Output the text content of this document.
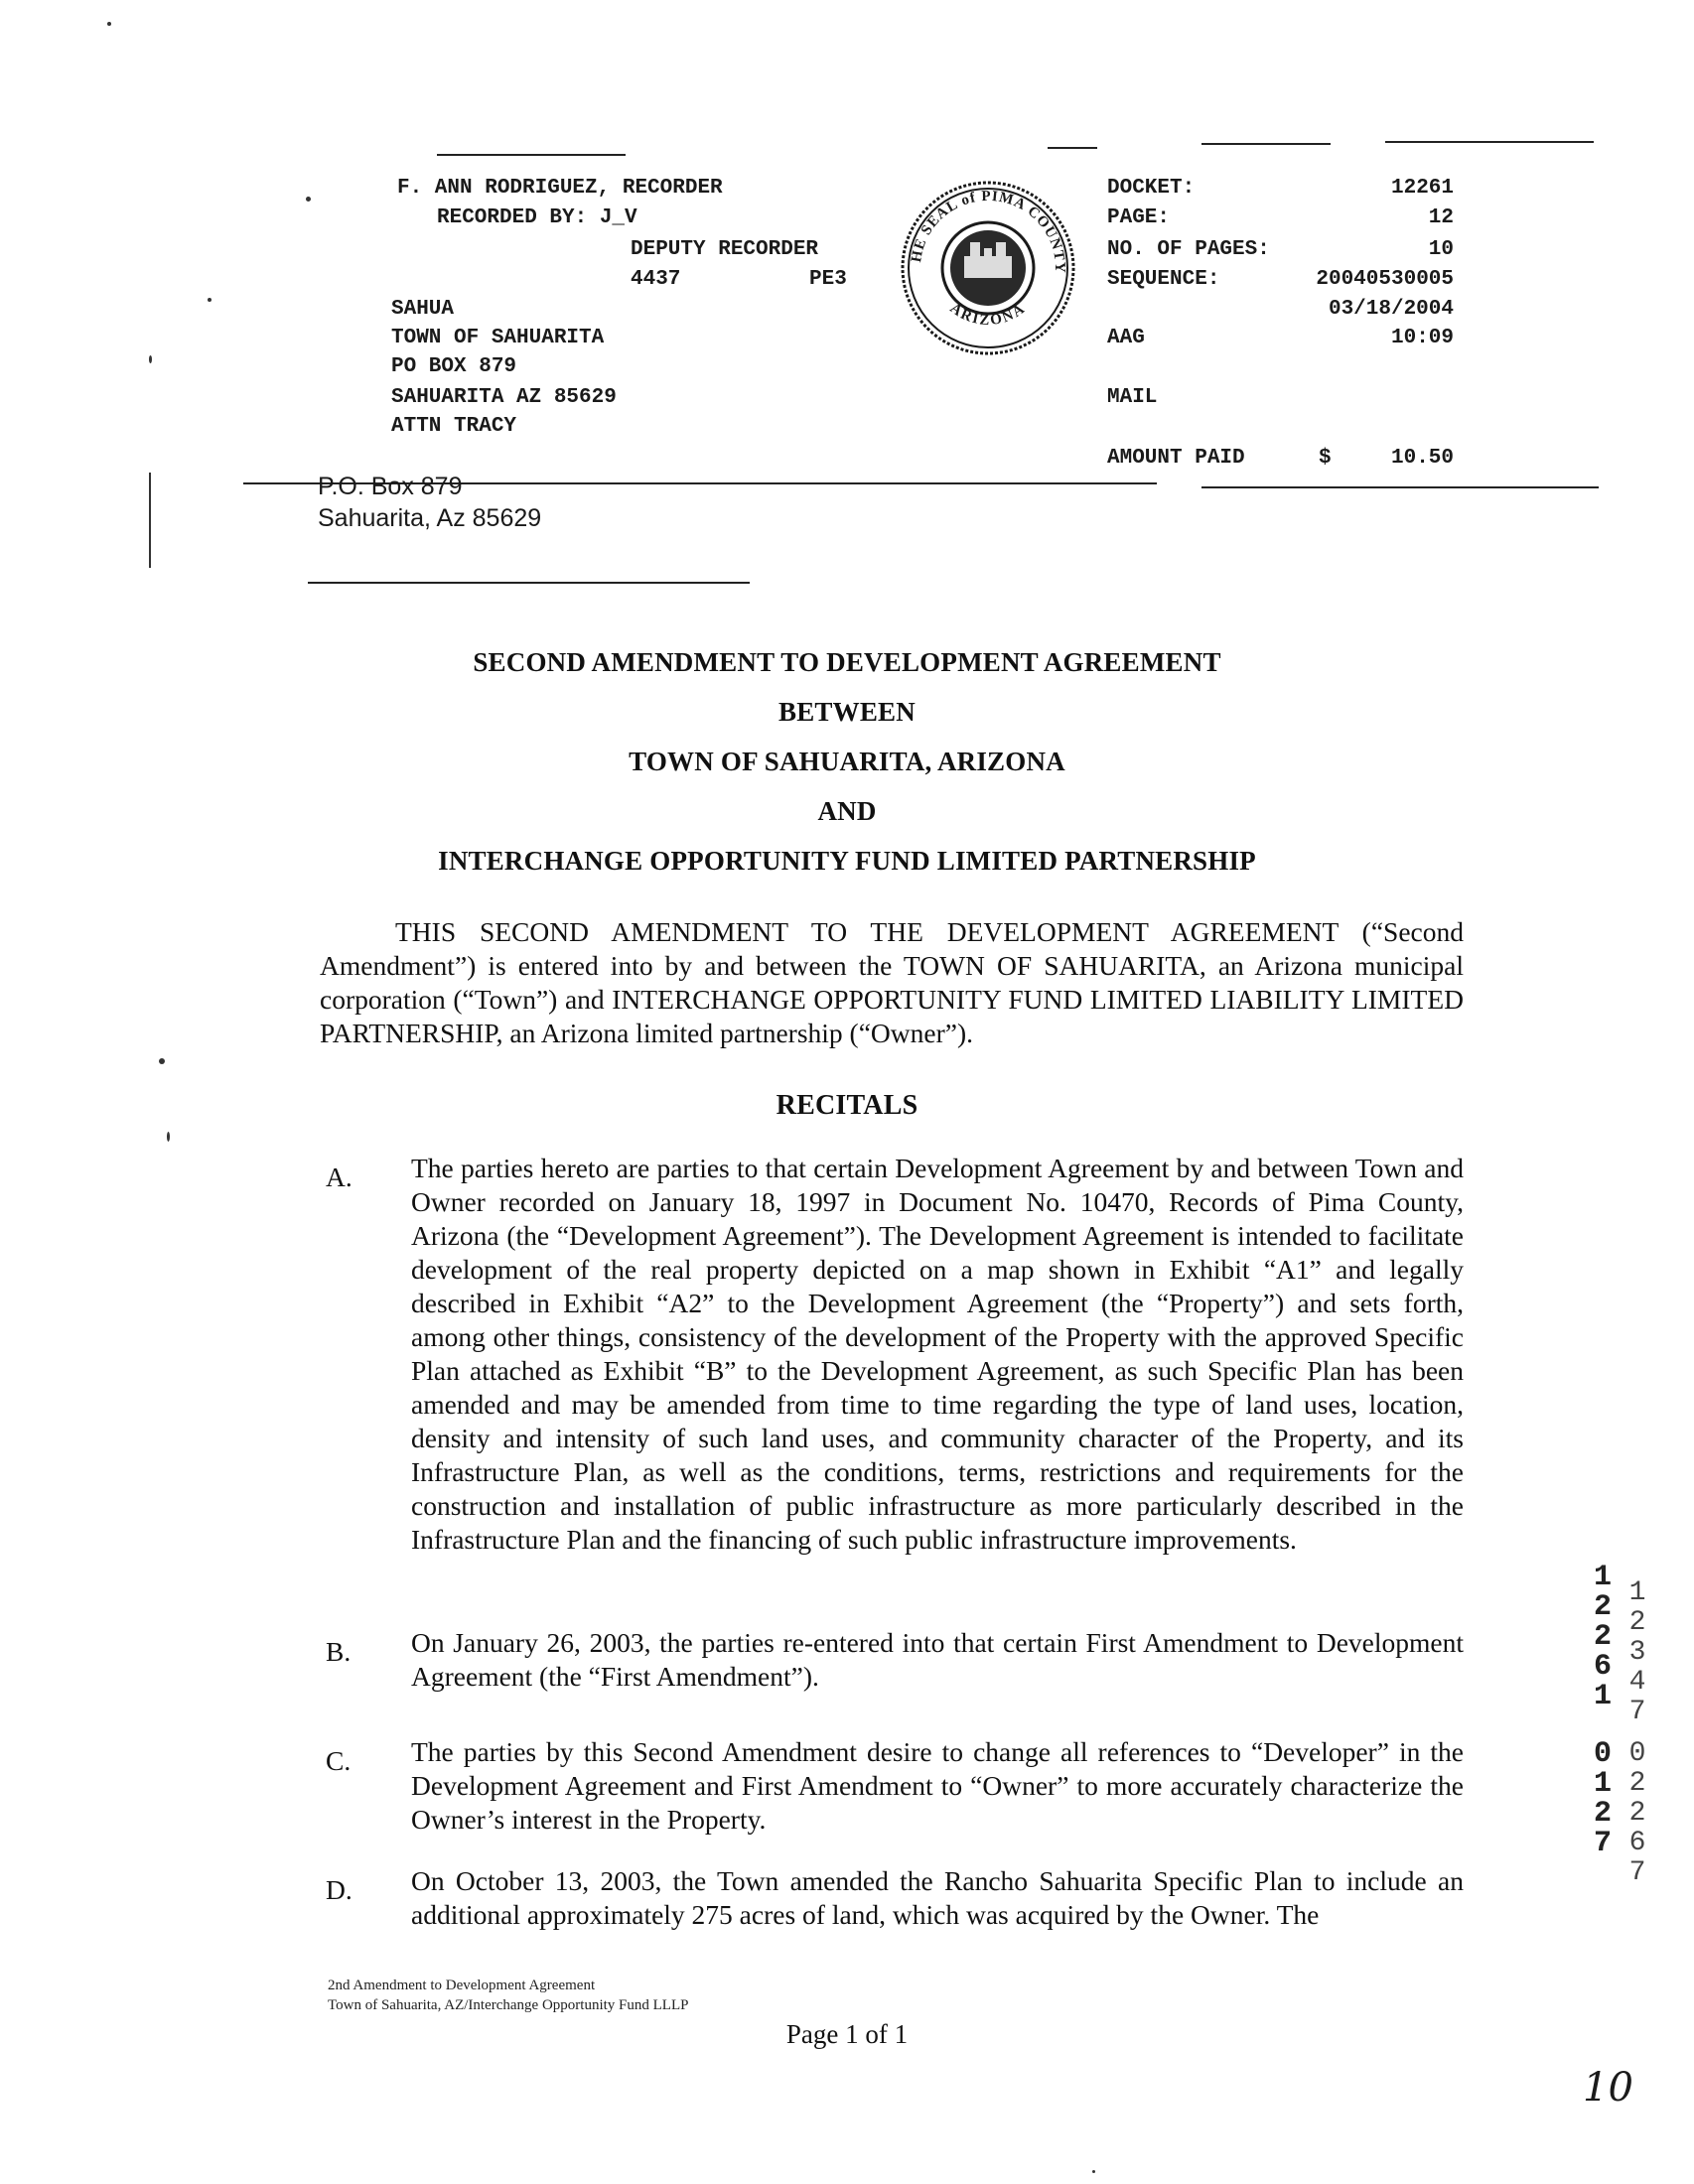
F. ANN RODRIGUEZ, RECORDER
RECORDED BY: J_V
DEPUTY RECORDER
4437	PE3
SAHUA
TOWN OF SAHUARITA
PO BOX 879
SAHUARITA AZ 85629
ATTN TRACY
HE SEAL of PIMA COUNTY
ARIZONA
DOCKET:	12261
PAGE:	12
NO. OF PAGES:	10
SEQUENCE:	20040530005
03/18/2004
AAG	10:09
MAIL
AMOUNT PAID	$	10.50
P.O. Box 879
Sahuarita, Az 85629
SECOND AMENDMENT TO DEVELOPMENT AGREEMENT
BETWEEN
TOWN OF SAHUARITA, ARIZONA
AND
INTERCHANGE OPPORTUNITY FUND LIMITED PARTNERSHIP
THIS SECOND AMENDMENT TO THE DEVELOPMENT AGREEMENT (“Second Amendment”) is entered into by and between the TOWN OF SAHUARITA, an Arizona municipal corporation (“Town”) and INTERCHANGE OPPORTUNITY FUND LIMITED LIABILITY LIMITED PARTNERSHIP, an Arizona limited partnership (“Owner”).
RECITALS
A. The parties hereto are parties to that certain Development Agreement by and between Town and Owner recorded on January 18, 1997 in Document No. 10470, Records of Pima County, Arizona (the “Development Agreement”). The Development Agreement is intended to facilitate development of the real property depicted on a map shown in Exhibit “A1” and legally described in Exhibit “A2” to the Development Agreement (the “Property”) and sets forth, among other things, consistency of the development of the Property with the approved Specific Plan attached as Exhibit “B” to the Development Agreement, as such Specific Plan has been amended and may be amended from time to time regarding the type of land uses, location, density and intensity of such land uses, and community character of the Property, and its Infrastructure Plan, as well as the conditions, terms, restrictions and requirements for the construction and installation of public infrastructure as more particularly described in the Infrastructure Plan and the financing of such public infrastructure improvements.
B. On January 26, 2003, the parties re-entered into that certain First Amendment to Development Agreement (the “First Amendment”).
C. The parties by this Second Amendment desire to change all references to “Developer” in the Development Agreement and First Amendment to “Owner” to more accurately characterize the Owner’s interest in the Property.
D. On October 13, 2003, the Town amended the Rancho Sahuarita Specific Plan to include an additional approximately 275 acres of land, which was acquired by the Owner. The
12261
0127
12347
02267
2nd Amendment to Development Agreement
Town of Sahuarita, AZ/Interchange Opportunity Fund LLLP
Page 1 of 1
10
